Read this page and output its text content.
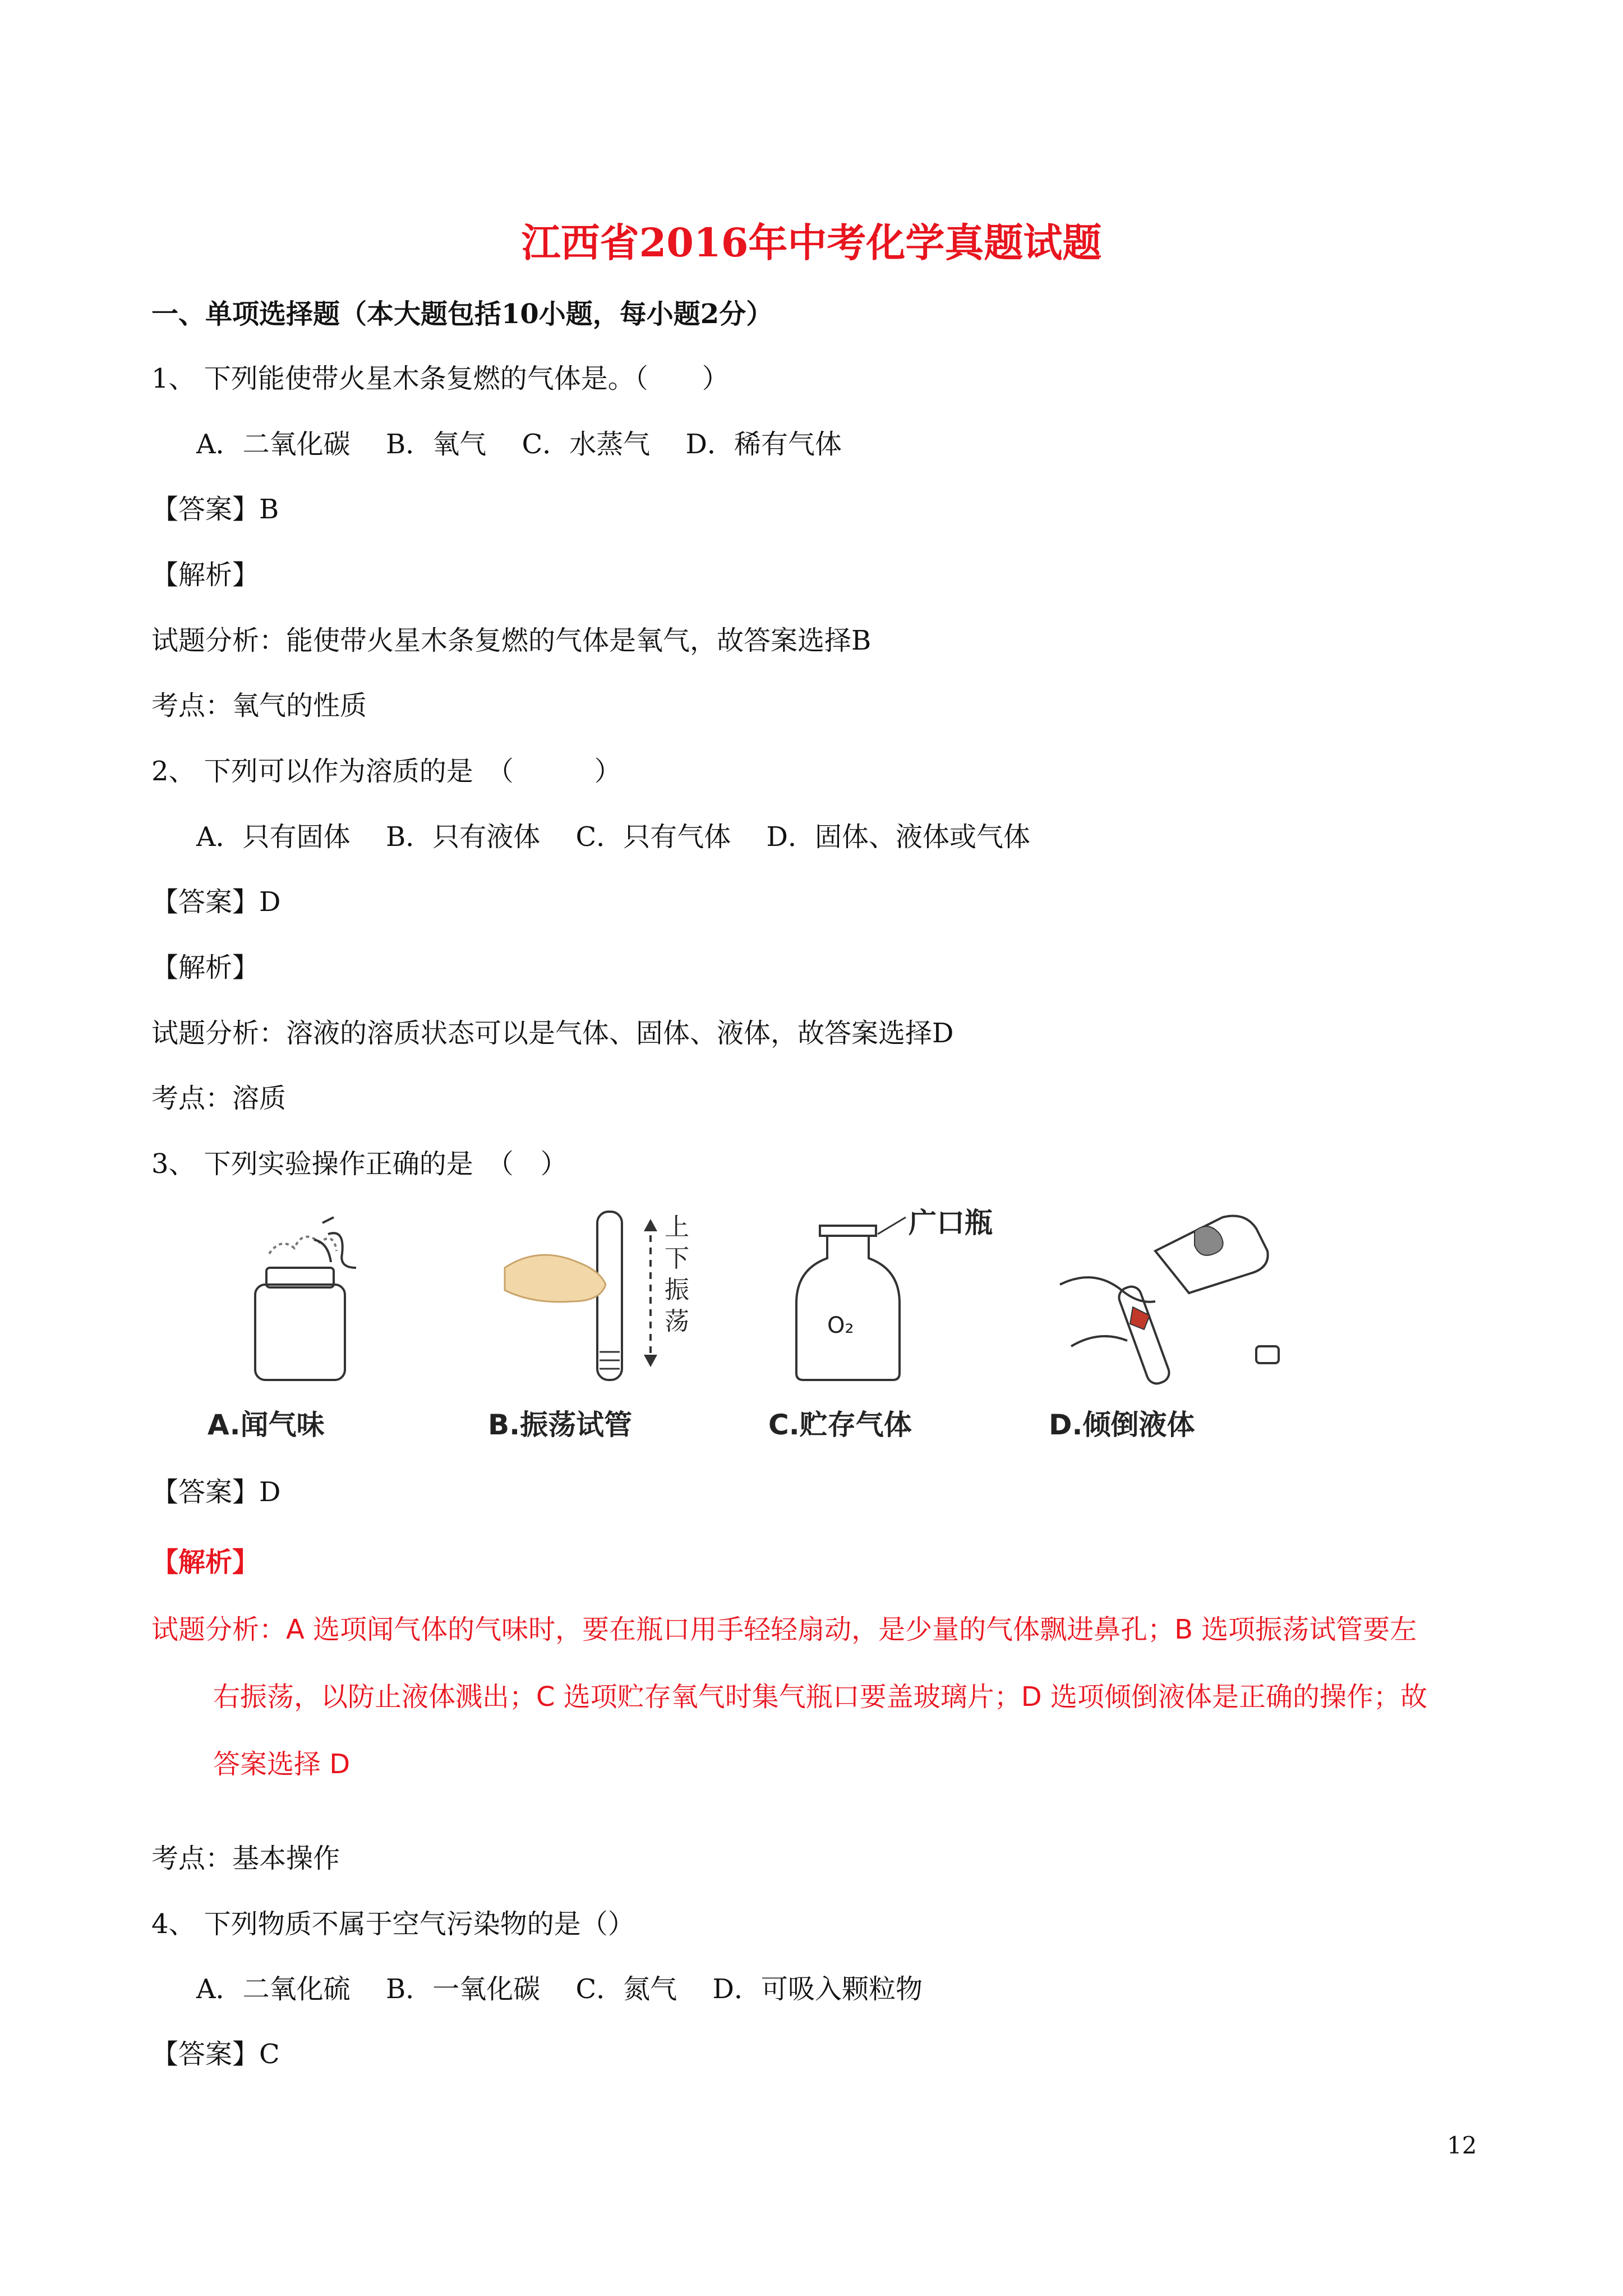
江西省2016年中考化学真题试题
一、单项选择题（本大题包括10小题，每小题2分）
1、 下列能使带火星木条复燃的气体是。（　　）
A．二氧化碳 B．氧气 C．水蒸气 D．稀有气体
【答案】B
【解析】
试题分析：能使带火星木条复燃的气体是氧气，故答案选择B
考点：氧气的性质
2、 下列可以作为溶质的是　（　　　）
A．只有固体 B．只有液体 C．只有气体 D．固体、液体或气体
【答案】D
【解析】
试题分析：溶液的溶质状态可以是气体、固体、液体，故答案选择D
考点：溶质
3、 下列实验操作正确的是　（　）
A.闻气味
上下振荡
B.振荡试管
O₂
广口瓶
C.贮存气体	D.倾倒液体
【答案】D
【解析】
试题分析：A 选项闻气体的气味时，要在瓶口用手轻轻扇动，是少量的气体飘进鼻孔；B 选项振荡试管要左
右振荡，以防止液体溅出；C 选项贮存氧气时集气瓶口要盖玻璃片；D 选项倾倒液体是正确的操作；故
答案选择 D
考点：基本操作
4、 下列物质不属于空气污染物的是（）
A．二氧化硫 B．一氧化碳 C．氮气 D．可吸入颗粒物
【答案】C
12
